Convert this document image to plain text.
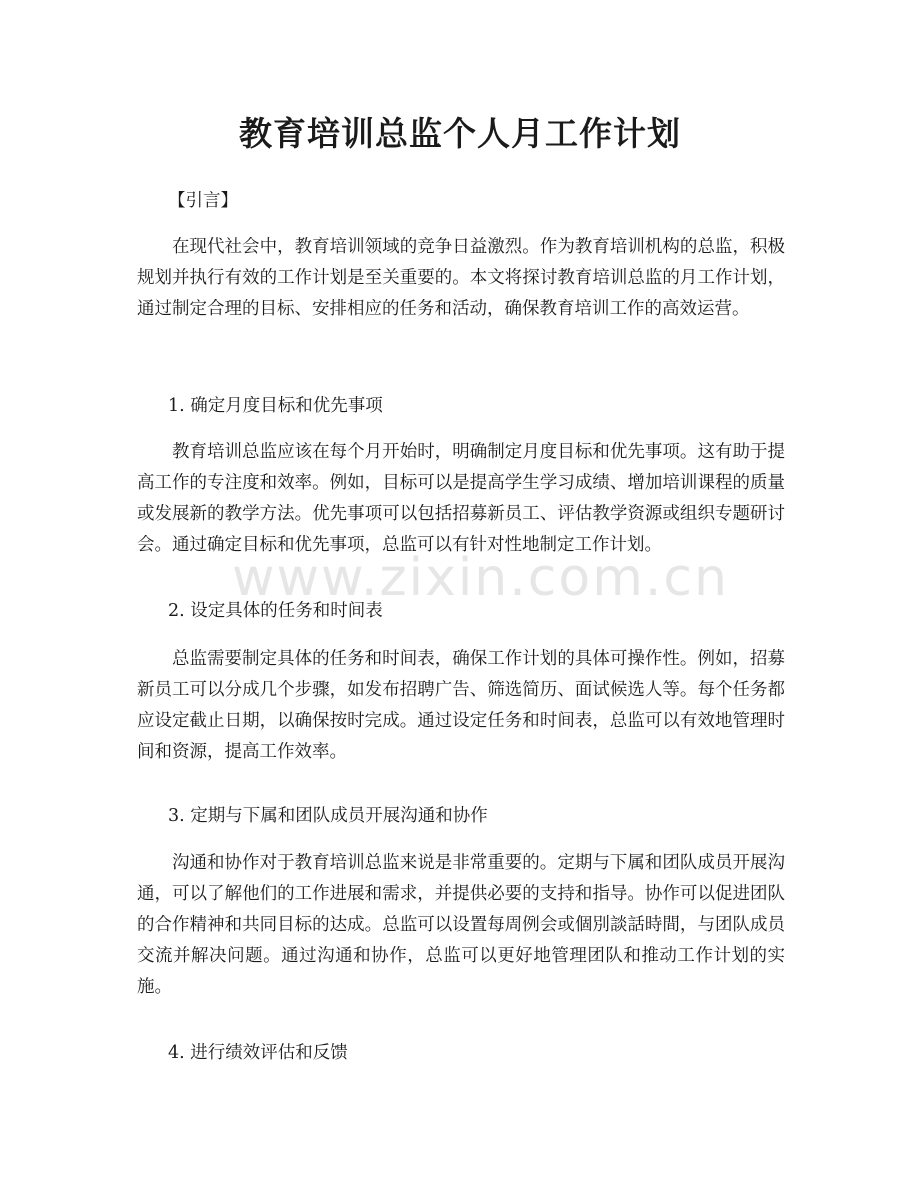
教育培训总监个人月工作计划

【引言】

在现代社会中，教育培训领域的竞争日益激烈。作为教育培训机构的总监，积极规划并执行有效的工作计划是至关重要的。本文将探讨教育培训总监的月工作计划，通过制定合理的目标、安排相应的任务和活动，确保教育培训工作的高效运营。

1. 确定月度目标和优先事项

教育培训总监应该在每个月开始时，明确制定月度目标和优先事项。这有助于提高工作的专注度和效率。例如，目标可以是提高学生学习成绩、增加培训课程的质量或发展新的教学方法。优先事项可以包括招募新员工、评估教学资源或组织专题研讨会。通过确定目标和优先事项，总监可以有针对性地制定工作计划。

2. 设定具体的任务和时间表

总监需要制定具体的任务和时间表，确保工作计划的具体可操作性。例如，招募新员工可以分成几个步骤，如发布招聘广告、筛选简历、面试候选人等。每个任务都应设定截止日期，以确保按时完成。通过设定任务和时间表，总监可以有效地管理时间和资源，提高工作效率。

3. 定期与下属和团队成员开展沟通和协作

沟通和协作对于教育培训总监来说是非常重要的。定期与下属和团队成员开展沟通，可以了解他们的工作进展和需求，并提供必要的支持和指导。协作可以促进团队的合作精神和共同目标的达成。总监可以设置每周例会或個別談話時間，与团队成员交流并解决问题。通过沟通和协作，总监可以更好地管理团队和推动工作计划的实施。

4. 进行绩效评估和反馈

www.zixin.com.cn
